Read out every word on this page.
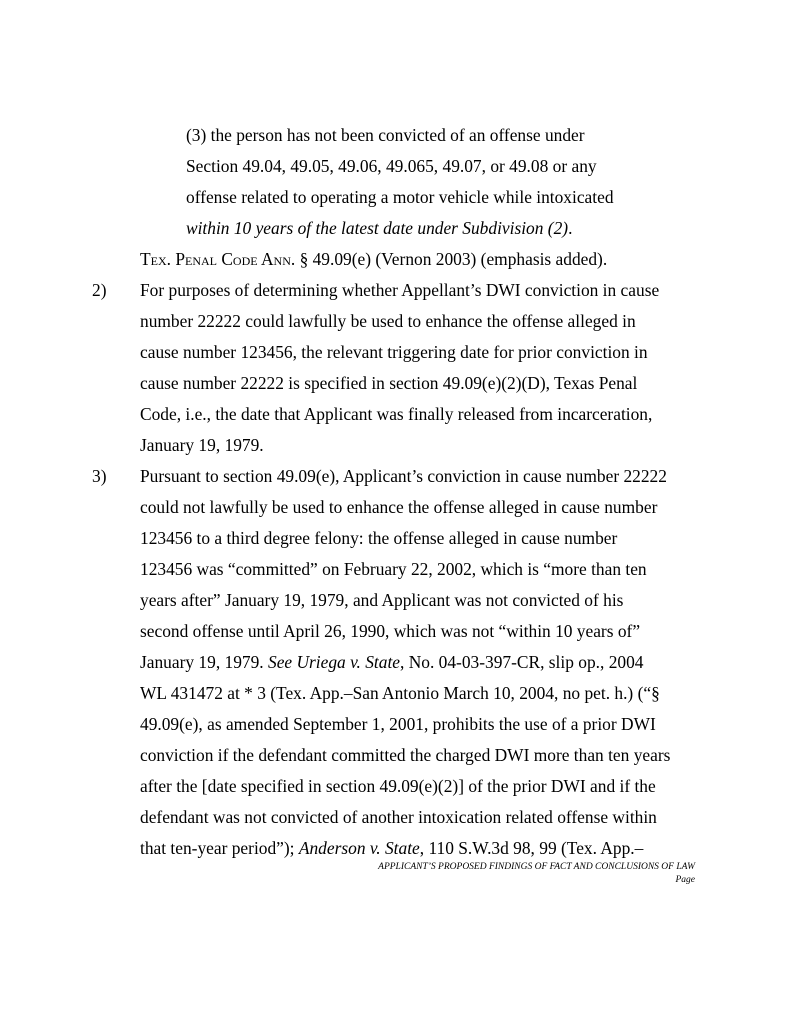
(3) the person has not been convicted of an offense under
Section 49.04, 49.05, 49.06, 49.065, 49.07, or 49.08 or any
offense related to operating a motor vehicle while intoxicated
within 10 years of the latest date under Subdivision (2).
Tex. Penal Code Ann. § 49.09(e) (Vernon 2003) (emphasis added).
2) For purposes of determining whether Appellant’s DWI conviction in cause
number 22222 could lawfully be used to enhance the offense alleged in
cause number 123456, the relevant triggering date for prior conviction in
cause number 22222 is specified in section 49.09(e)(2)(D), Texas Penal
Code, i.e., the date that Applicant was finally released from incarceration,
January 19, 1979.
3) Pursuant to section 49.09(e), Applicant’s conviction in cause number 22222
could not lawfully be used to enhance the offense alleged in cause number
123456 to a third degree felony: the offense alleged in cause number
123456 was “committed” on February 22, 2002, which is “more than ten
years after” January 19, 1979, and Applicant was not convicted of his
second offense until April 26, 1990, which was not “within 10 years of”
January 19, 1979. See Uriega v. State, No. 04-03-397-CR, slip op., 2004
WL 431472 at * 3 (Tex. App.–San Antonio March 10, 2004, no pet. h.) (“§
49.09(e), as amended September 1, 2001, prohibits the use of a prior DWI
conviction if the defendant committed the charged DWI more than ten years
after the [date specified in section 49.09(e)(2)] of the prior DWI and if the
defendant was not convicted of another intoxication related offense within
that ten-year period”); Anderson v. State, 110 S.W.3d 98, 99 (Tex. App.–
APPLICANT’S PROPOSED FINDINGS OF FACT AND CONCLUSIONS OF LAW
Page
